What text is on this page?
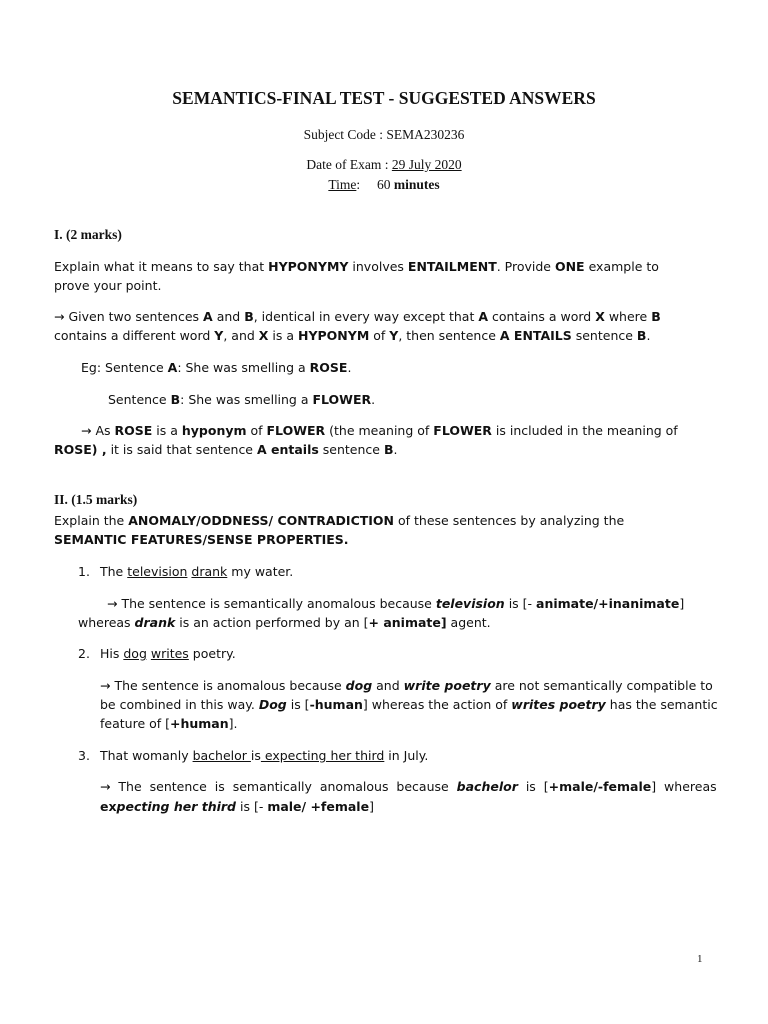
SEMANTICS-FINAL TEST - SUGGESTED ANSWERS
Subject Code : SEMA230236
Date of Exam : 29 July 2020
Time:     60 minutes
I. (2 marks)
Explain what it means to say that HYPONYMY involves ENTAILMENT. Provide ONE example to
prove your point.
→ Given two sentences A and B, identical in every way except that A contains a word X where B
contains a different word Y, and X is a HYPONYM of Y, then sentence A ENTAILS sentence B.
Eg: Sentence A: She was smelling a ROSE.
Sentence B: She was smelling a FLOWER.
→ As ROSE is a hyponym of FLOWER (the meaning of FLOWER is included in the meaning of
ROSE) , it is said that sentence A entails sentence B.
II. (1.5 marks)
Explain the ANOMALY/ODDNESS/ CONTRADICTION of these sentences by analyzing the
SEMANTIC FEATURES/SENSE PROPERTIES.
1. The television drank my water.
→ The sentence is semantically anomalous because television is [- animate/+inanimate]
whereas drank is an action performed by an [+ animate] agent.
2. His dog writes poetry.
→ The sentence is anomalous because dog and write poetry are not semantically compatible to
be combined in this way. Dog is [-human] whereas the action of writes poetry has the semantic
feature of [+human].
3. That womanly bachelor is expecting her third in July.
→  The  sentence  is  semantically  anomalous  because  bachelor  is  [+male/-female]  whereas
expecting her third is [- male/ +female]
1
